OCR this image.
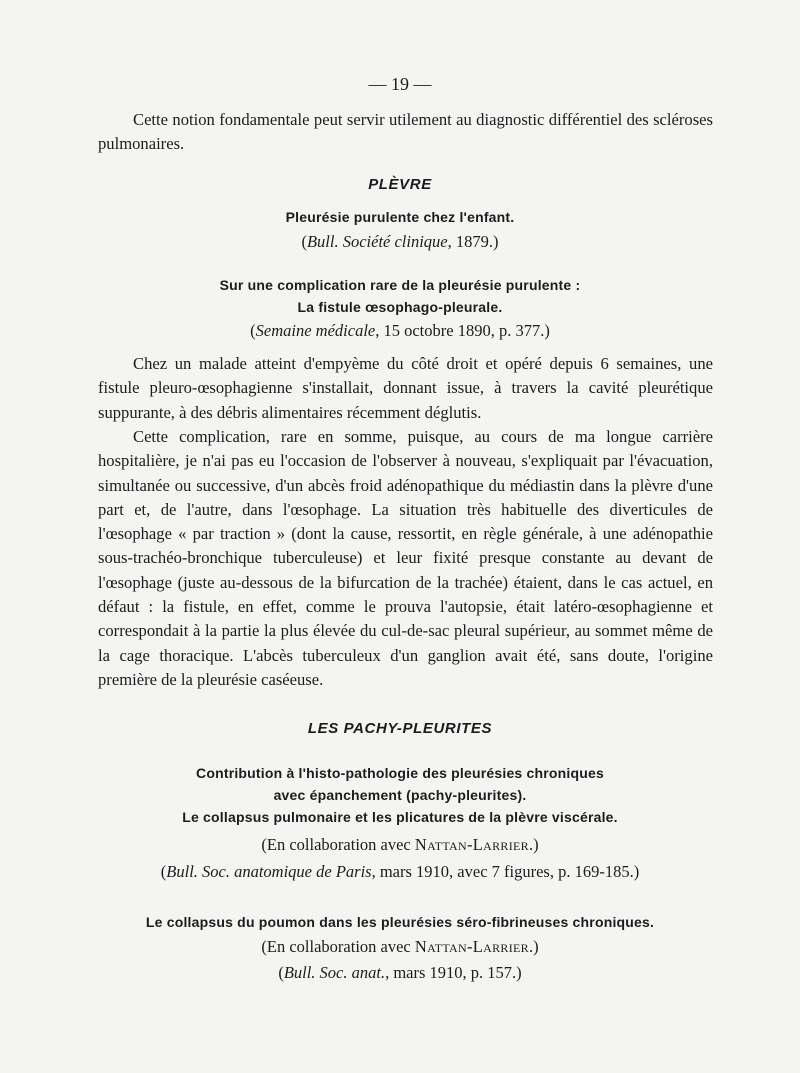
— 19 —

Cette notion fondamentale peut servir utilement au diagnostic différentiel des scléroses pulmonaires.

PLÈVRE
Pleurésie purulente chez l'enfant.
(Bull. Société clinique, 1879.)
Sur une complication rare de la pleurésie purulente :
La fistule œsophago-pleurale.
(Semaine médicale, 15 octobre 1890, p. 377.)

Chez un malade atteint d'empyème du côté droit et opéré depuis 6 semaines, une fistule pleuro-œsophagienne s'installait, donnant issue, à travers la cavité pleurétique suppurante, à des débris alimentaires récemment déglutis.

Cette complication, rare en somme, puisque, au cours de ma longue carrière hospitalière, je n'ai pas eu l'occasion de l'observer à nouveau, s'expliquait par l'évacuation, simultanée ou successive, d'un abcès froid adénopathique du médiastin dans la plèvre d'une part et, de l'autre, dans l'œsophage. La situation très habituelle des diverticules de l'œsophage « par traction » (dont la cause, ressortit, en règle générale, à une adénopathie sous-trachéo-bronchique tuberculeuse) et leur fixité presque constante au devant de l'œsophage (juste au-dessous de la bifurcation de la trachée) étaient, dans le cas actuel, en défaut : la fistule, en effet, comme le prouva l'autopsie, était latéro-œsophagienne et correspondait à la partie la plus élevée du cul-de-sac pleural supérieur, au sommet même de la cage thoracique. L'abcès tuberculeux d'un ganglion avait été, sans doute, l'origine première de la pleurésie caséeuse.

LES PACHY-PLEURITES
Contribution à l'histo-pathologie des pleurésies chroniques
avec épanchement (pachy-pleurites).
Le collapsus pulmonaire et les plicatures de la plèvre viscérale.
(En collaboration avec Nattan-Larrier.)
(Bull. Soc. anatomique de Paris, mars 1910, avec 7 figures, p. 169-185.)
Le collapsus du poumon dans les pleurésies séro-fibrineuses chroniques.
(En collaboration avec Nattan-Larrier.)
(Bull. Soc. anat., mars 1910, p. 157.)
